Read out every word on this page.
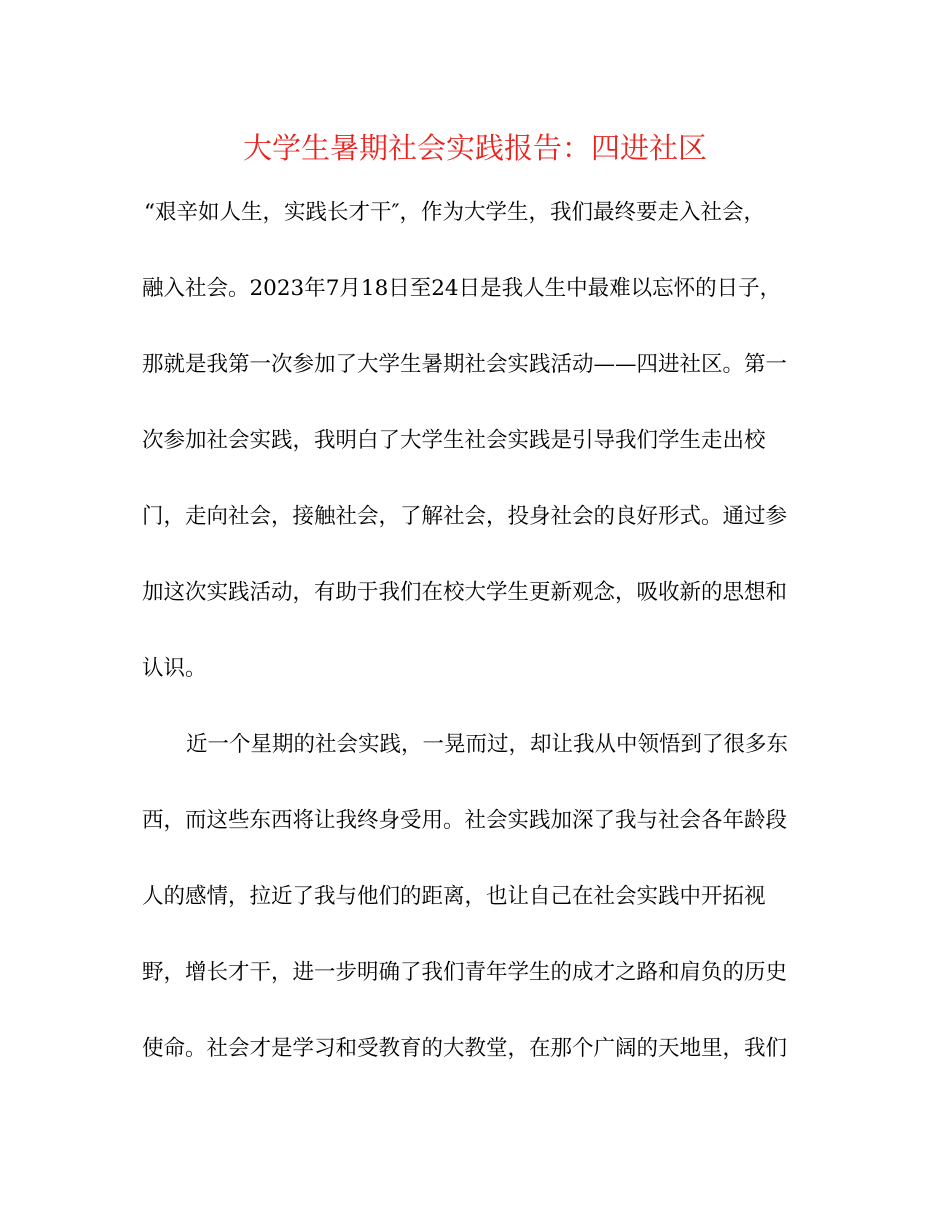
大学生暑期社会实践报告：四进社区
“艰辛如人生，实践长才干″，作为大学生，我们最终要走入社会，
融入社会。2023年7月18日至24日是我人生中最难以忘怀的日子，
那就是我第一次参加了大学生暑期社会实践活动——四进社区。第一
次参加社会实践，我明白了大学生社会实践是引导我们学生走出校
门，走向社会，接触社会，了解社会，投身社会的良好形式。通过参
加这次实践活动，有助于我们在校大学生更新观念，吸收新的思想和
认识。
近一个星期的社会实践，一晃而过，却让我从中领悟到了很多东
西，而这些东西将让我终身受用。社会实践加深了我与社会各年龄段
人的感情，拉近了我与他们的距离，也让自己在社会实践中开拓视
野，增长才干，进一步明确了我们青年学生的成才之路和肩负的历史
使命。社会才是学习和受教育的大教堂，在那个广阔的天地里，我们
